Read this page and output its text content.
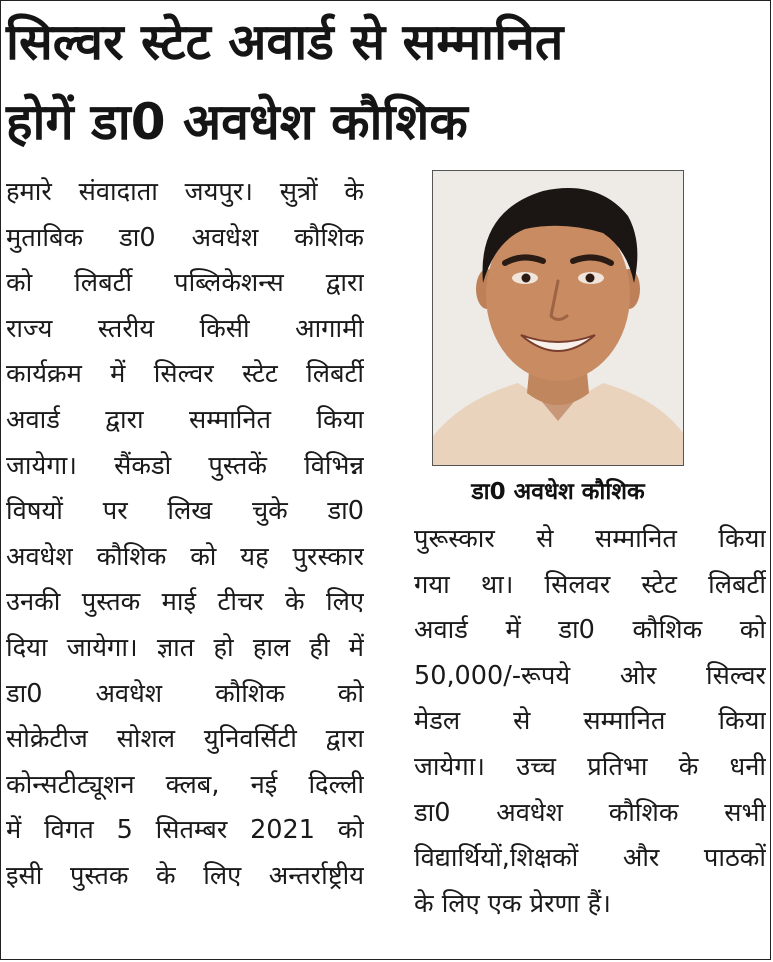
सिल्वर स्टेट अवार्ड से सम्मानित
होगें डा0 अवधेश कौशिक
हमारे संवादाता जयपुर। सुत्रों के
मुताबिक डा0 अवधेश कौशिक
को लिबर्टी पब्लिकेशन्स द्वारा
राज्य स्तरीय किसी आगामी
कार्यक्रम में सिल्वर स्टेट लिबर्टी
अवार्ड द्वारा सम्मानित किया
जायेगा। सैंकडो पुस्तकें विभिन्न
विषयों पर लिख चुके डा0
अवधेश कौशिक को यह पुरस्कार
उनकी पुस्तक माई टीचर के लिए
दिया जायेगा। ज्ञात हो हाल ही में
डा0 अवधेश कौशिक को
सोक्रेटीज सोशल युनिवर्सिटी द्वारा
कोन्सटीट्यूशन क्लब, नई दिल्ली
में विगत 5 सितम्बर 2021 को
इसी पुस्तक के लिए अन्तर्राष्ट्रीय
डा0 अवधेश कौशिक
पुरूस्कार से सम्मानित किया
गया था। सिलवर स्टेट लिबर्टी
अवार्ड में डा0 कौशिक को
50,000/-रूपये ओर सिल्वर
मेडल से सम्मानित किया
जायेगा। उच्च प्रतिभा के धनी
डा0 अवधेश कौशिक सभी
विद्यार्थियों,शिक्षकों और पाठकों
के लिए एक प्रेरणा हैं।
